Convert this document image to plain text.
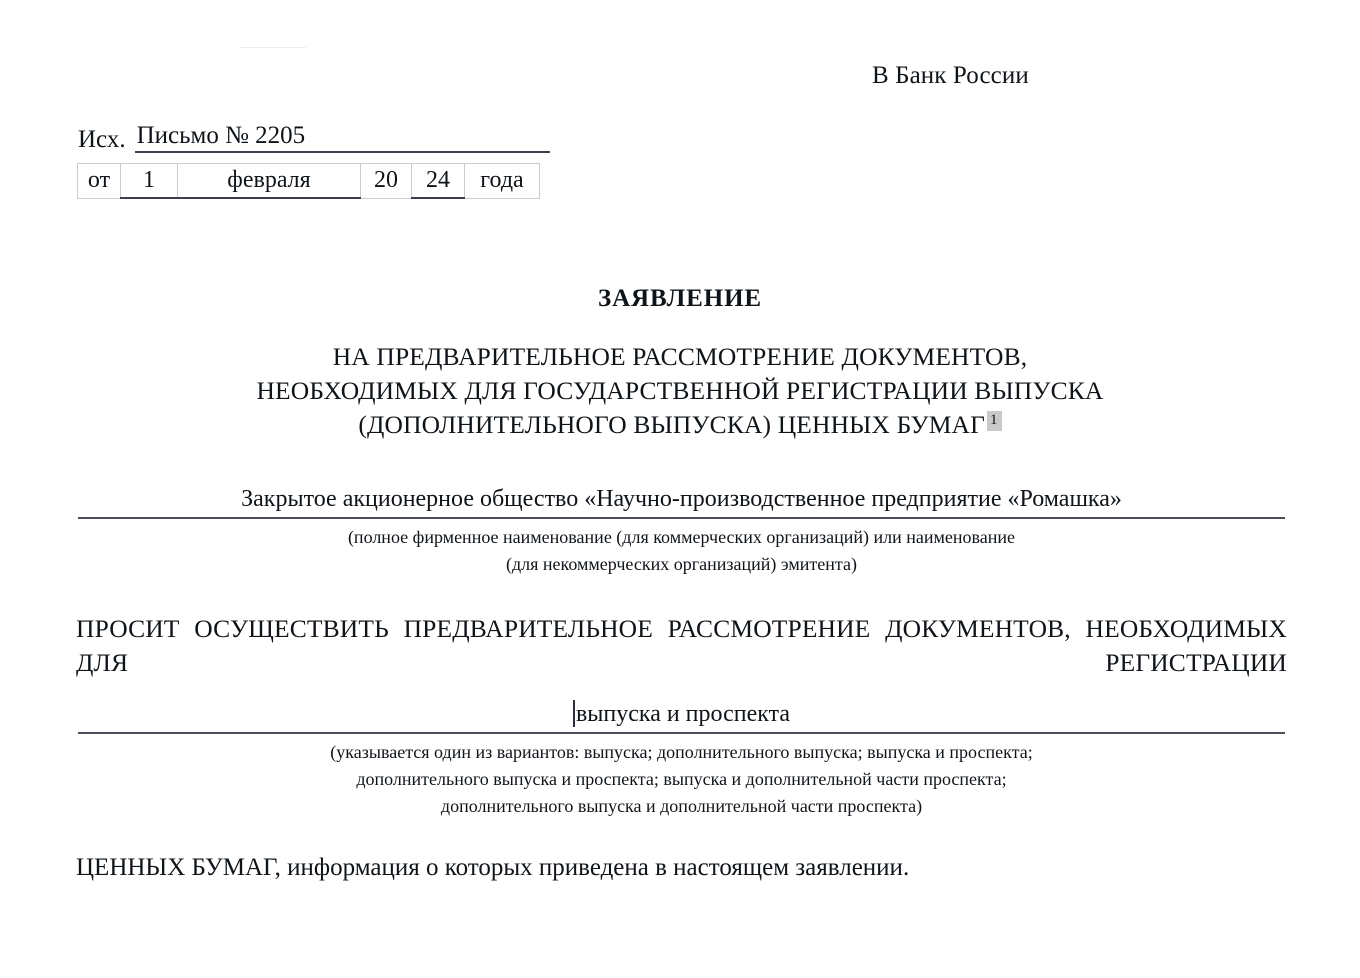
В Банк России
Исх. Письмо № 2205
от	1	февраля	20	24	года
ЗАЯВЛЕНИЕ
НА ПРЕДВАРИТЕЛЬНОЕ РАССМОТРЕНИЕ ДОКУМЕНТОВ,
НЕОБХОДИМЫХ ДЛЯ ГОСУДАРСТВЕННОЙ РЕГИСТРАЦИИ ВЫПУСКА
(ДОПОЛНИТЕЛЬНОГО ВЫПУСКА) ЦЕННЫХ БУМАГ $^1$
Закрытое акционерное общество «Научно-производственное предприятие «Ромашка»
(полное фирменное наименование (для коммерческих организаций) или наименование
(для некоммерческих организаций) эмитента)
ПРОСИТ ОСУЩЕСТВИТЬ ПРЕДВАРИТЕЛЬНОЕ РАССМОТРЕНИЕ ДОКУМЕНТОВ, НЕОБХОДИМЫХ ДЛЯ РЕГИСТРАЦИИ
выпуска и проспекта
(указывается один из вариантов: выпуска; дополнительного выпуска; выпуска и проспекта;
дополнительного выпуска и проспекта; выпуска и дополнительной части проспекта;
дополнительного выпуска и дополнительной части проспекта)
ЦЕННЫХ БУМАГ, информация о которых приведена в настоящем заявлении.
